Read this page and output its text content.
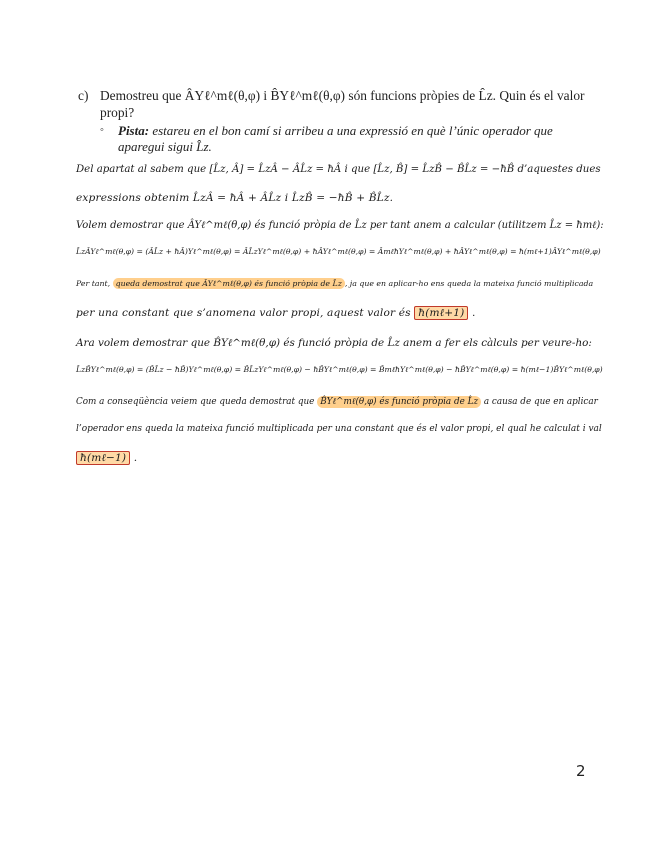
c) Demostreu que ÂYℓ^mℓ(θ,φ) i B̂Yℓ^mℓ(θ,φ) són funcions pròpies de L̂z. Quin és el valor propi?
◦ Pista: estareu en el bon camí si arribeu a una expressió en què l’únic operador que aparegui sigui L̂z.
Del apartat al sabem que [L̂z, Â] = L̂zÂ − ÂL̂z = ħÂ i que [L̂z, B̂] = L̂zB̂ − B̂L̂z = −ħB̂ d’aquestes dues
expressions obtenim L̂zÂ = ħÂ + ÂL̂z i L̂zB̂ = −ħB̂ + B̂L̂z.
Volem demostrar que ÂYℓ^mℓ(θ,φ) és funció pròpia de L̂z per tant anem a calcular (utilitzem L̂z = ħmℓ):
L̂zÂYℓ^mℓ(θ,φ) = (ÂL̂z + ħÂ)Yℓ^mℓ(θ,φ) = ÂL̂zYℓ^mℓ(θ,φ) + ħÂYℓ^mℓ(θ,φ) = ÂmℓħYℓ^mℓ(θ,φ) + ħÂYℓ^mℓ(θ,φ) = ħ(mℓ+1)ÂYℓ^mℓ(θ,φ)
Per tant, queda demostrat que ÂYℓ^mℓ(θ,φ) és funció pròpia de L̂z , ja que en aplicar-ho ens queda la mateixa funció multiplicada
per una constant que s’anomena valor propi, aquest valor és ħ(mℓ+1) .
Ara volem demostrar que B̂Yℓ^mℓ(θ,φ) és funció pròpia de L̂z anem a fer els càlculs per veure-ho:
L̂zB̂Yℓ^mℓ(θ,φ) = (B̂L̂z − ħB̂)Yℓ^mℓ(θ,φ) = B̂L̂zYℓ^mℓ(θ,φ) − ħB̂Yℓ^mℓ(θ,φ) = B̂mℓħYℓ^mℓ(θ,φ) − ħB̂Yℓ^mℓ(θ,φ) = ħ(mℓ−1)B̂Yℓ^mℓ(θ,φ)
Com a conseqüència veiem que queda demostrat que B̂Yℓ^mℓ(θ,φ) és funció pròpia de L̂z a causa de que en aplicar
l’operador ens queda la mateixa funció multiplicada per una constant que és el valor propi, el qual he calculat i val
ħ(mℓ−1) .
2
